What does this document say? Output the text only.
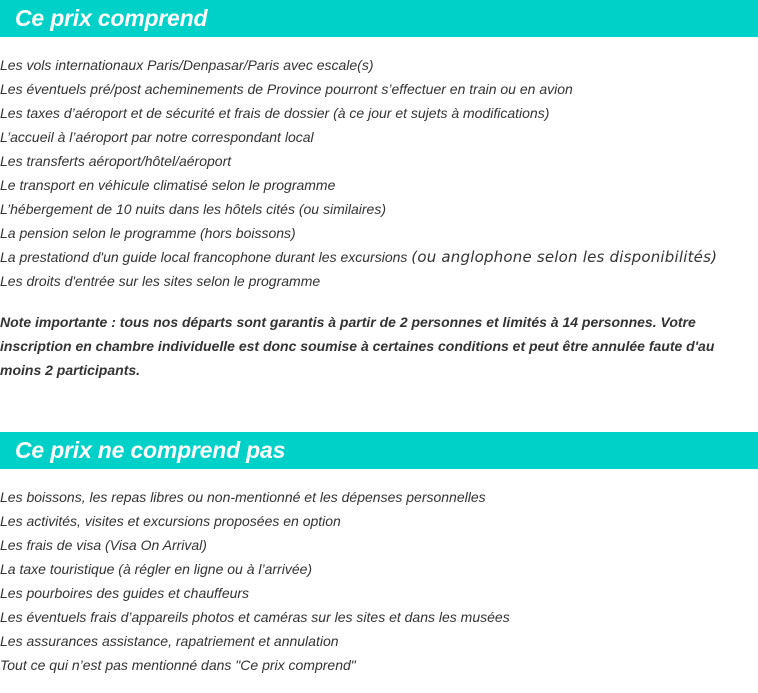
Ce prix comprend
Les vols internationaux Paris/Denpasar/Paris avec escale(s)
Les éventuels pré/post acheminements de Province pourront s’effectuer en train ou en avion
Les taxes d’aéroport et de sécurité et frais de dossier (à ce jour et sujets à modifications)
L’accueil à l’aéroport par notre correspondant local
Les transferts aéroport/hôtel/aéroport
Le transport en véhicule climatisé selon le programme
L’hébergement de 10 nuits dans les hôtels cités (ou similaires)
La pension selon le programme (hors boissons)
La prestationd d'un guide local francophone durant les excursions (ou anglophone selon les disponibilités)
Les droits d'entrée sur les sites selon le programme

Note importante : tous nos départs sont garantis à partir de 2 personnes et limités à 14 personnes. Votre inscription en chambre individuelle est donc soumise à certaines conditions et peut être annulée faute d'au moins 2 participants.

Ce prix ne comprend pas
Les boissons, les repas libres ou non-mentionné et les dépenses personnelles
Les activités, visites et excursions proposées en option
Les frais de visa (Visa On Arrival)
La taxe touristique (à régler en ligne ou à l’arrivée)
Les pourboires des guides et chauffeurs
Les éventuels frais d’appareils photos et caméras sur les sites et dans les musées
Les assurances assistance, rapatriement et annulation
Tout ce qui n’est pas mentionné dans "Ce prix comprend"
